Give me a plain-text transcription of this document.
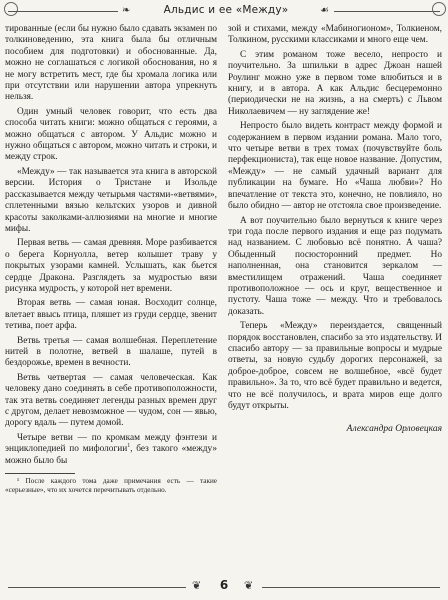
❧	Альдис и ее «Между»	☙

тированные (если бы нужно было сдавать экзамен по толкиноведению, эта книга была бы отличным пособием для подготовки) и обоснованные. Да, можно не соглашаться с логикой обоснования, но я не могу встретить мест, где бы хромала логика или при отсутствии или нарушении автора упрекнуть нельзя.

Один умный человек говорит, что есть два способа читать книги: можно общаться с героями, а можно общаться с автором. У Альдис можно и нужно общаться с автором, можно читать и строки, и между строк.

«Между» — так называется эта книга в авторской версии. История о Тристане и Изольде рассказывается между четырьмя частями-«ветвями», сплетенными вязью кельтских узоров и дивной красоты заколками-аллюзиями на многие и многие мифы.

Первая ветвь — самая древняя. Море разбивается о берега Корнуолла, ветер колышет траву у покрытых узорами камней. Услышать, как бьется сердце Дракона. Разглядеть за мудростью вязи рисунка мудрость, у которой нет времени.

Вторая ветвь — самая юная. Восходит солнце, влетает ввысь птица, пляшет из груди сердце, звенит тетива, поет арфа.

Ветвь третья — самая волшебная. Переплетение нитей в полотне, ветвей в шалаше, путей в бездорожье, времен в вечности.

Ветвь четвертая — самая человеческая. Как человеку дано соединять в себе противоположности, так эта ветвь соединяет легенды разных времен друг с другом, делает невозможное — чудом, сон — явью, дорогу вдаль — путем домой.

Четыре ветви — по кромкам между фэнтези и энциклопедией по мифологии$^1$, без такого «между» можно было бы

¹ После каждого тома даже примечания есть — такие «серьезные», что их хочется перечитывать отдельно.

зой и стихами, между «Мабиногионом», Толкиеном, Толкином, русскими классиками и много еще чем.

С этим романом тоже весело, непросто и поучительно. За шпильки в адрес Джоан нашей Роулинг можно уже в первом томе влюбиться и в книгу, и в автора. А как Альдис бесцеремонно (периодически не на жизнь, а на смерть) с Львом Николаевичем — ну заглядение же!

Непросто было видеть контраст между формой и содержанием в первом издании романа. Мало того, что четыре ветви в трех томах (почувствуйте боль перфекциониста), так еще новое название. Допустим, «Между» — не самый удачный вариант для публикации на бумаге. Но «Чаша любви»? Но впечатление от текста это, конечно, не повлияло, но было обидно — автор не отстояла свое произведение.

А вот поучительно было вернуться к книге через три года после первого издания и еще раз подумать над названием. С любовью всё понятно. А чаша? Обыденный посюсторонний предмет. Но наполненная, она становится зеркалом — вместилищем отражений. Чаша соединяет противоположное — ось и круг, вещественное и пустоту. Чаша тоже — между. Что и требовалось доказать.

Теперь «Между» переиздается, священный порядок восстановлен, спасибо за это издательству. И спасибо автору — за правильные вопросы и мудрые ответы, за новую судьбу дорогих персонажей, за доброе-доброе, совсем не волшебное, «всё будет правильно». За то, что всё будет правильно и ведется, что не всё получилось, и врата миров еще долго будут открыты.

Александра Орловецкая
❦	6	❦
